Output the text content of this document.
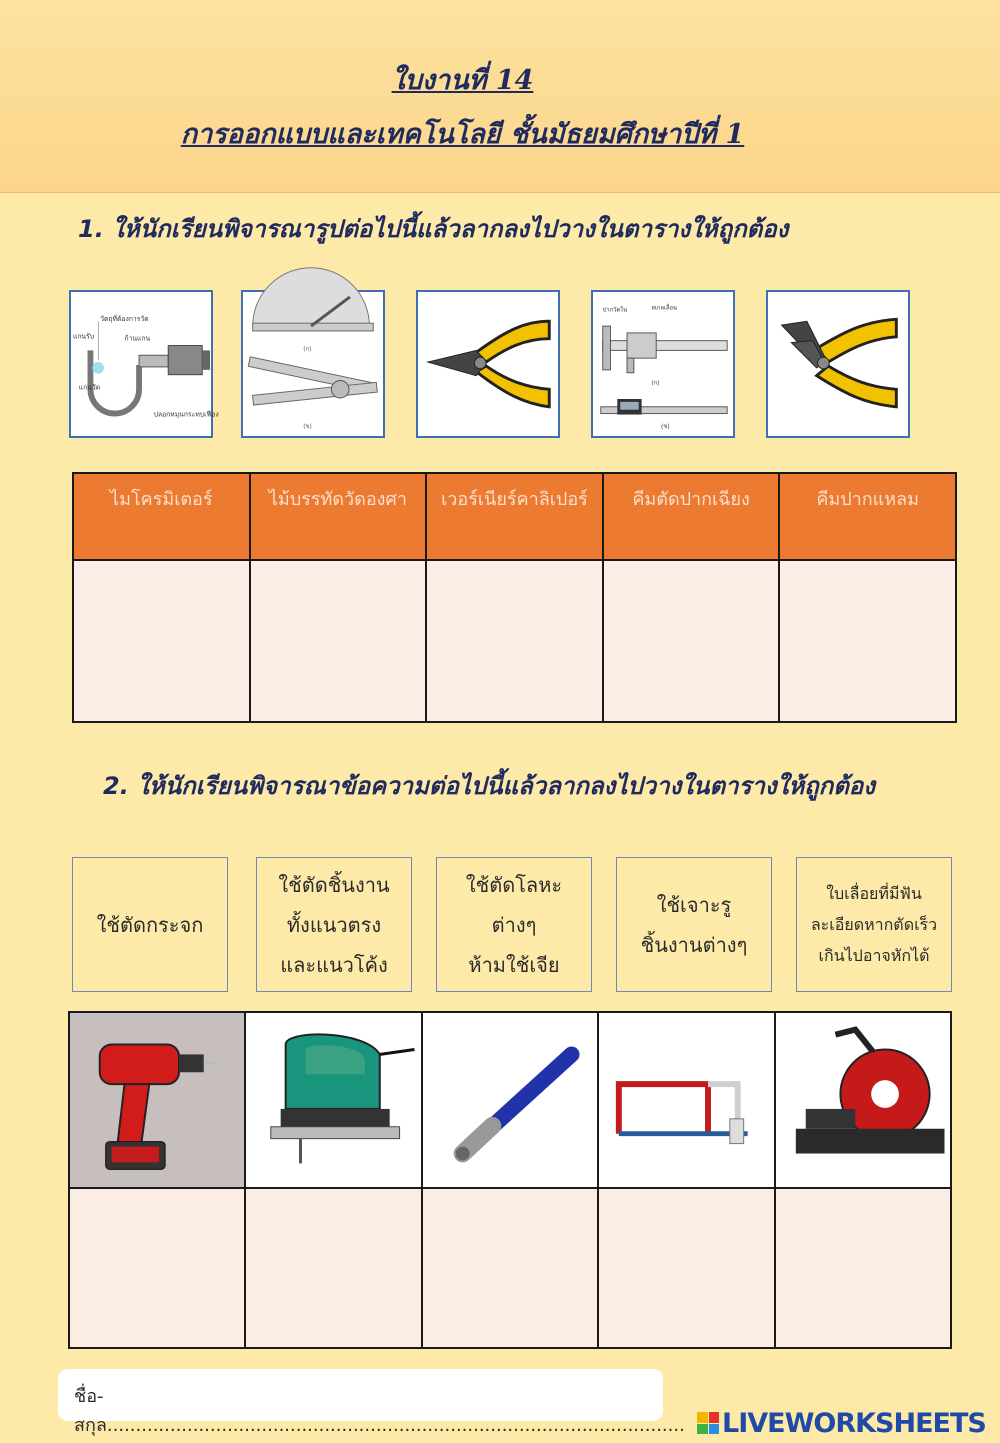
ใบงานที่ 14
การออกแบบและเทคโนโลยี ชั้นมัธยมศึกษาปีที่ 1
1. ให้นักเรียนพิจารณารูปต่อไปนี้แล้วลากลงไปวางในตารางให้ถูกต้อง
วัตถุที่ต้องการวัด
แกนรับ	ก้านแกน
แกนวัด
ปลอกหมุนกระทบเฟือง
(ก)
(ข)
ปากวัดใน	สเกลเลื่อน
(ก)
(ข)
ไมโครมิเตอร์	ไม้บรรทัดวัดองศา	เวอร์เนียร์คาลิเปอร์	คีมตัดปากเฉียง	คีมปากแหลม

2. ให้นักเรียนพิจารณาข้อความต่อไปนี้แล้วลากลงไปวางในตารางให้ถูกต้อง
ใช้ตัดกระจก
ใช้ตัดชิ้นงาน
ทั้งแนวตรง
และแนวโค้ง
ใช้ตัดโลหะ
ต่างๆ
ห้ามใช้เจีย
ใช้เจาะรู
ชิ้นงานต่างๆ
ใบเลื่อยที่มีฟัน
ละเอียดหากตัดเร็ว
เกินไปอาจหักได้

ชื่อ-สกุล..................................................................................................... LIVEWORKSHEETS
